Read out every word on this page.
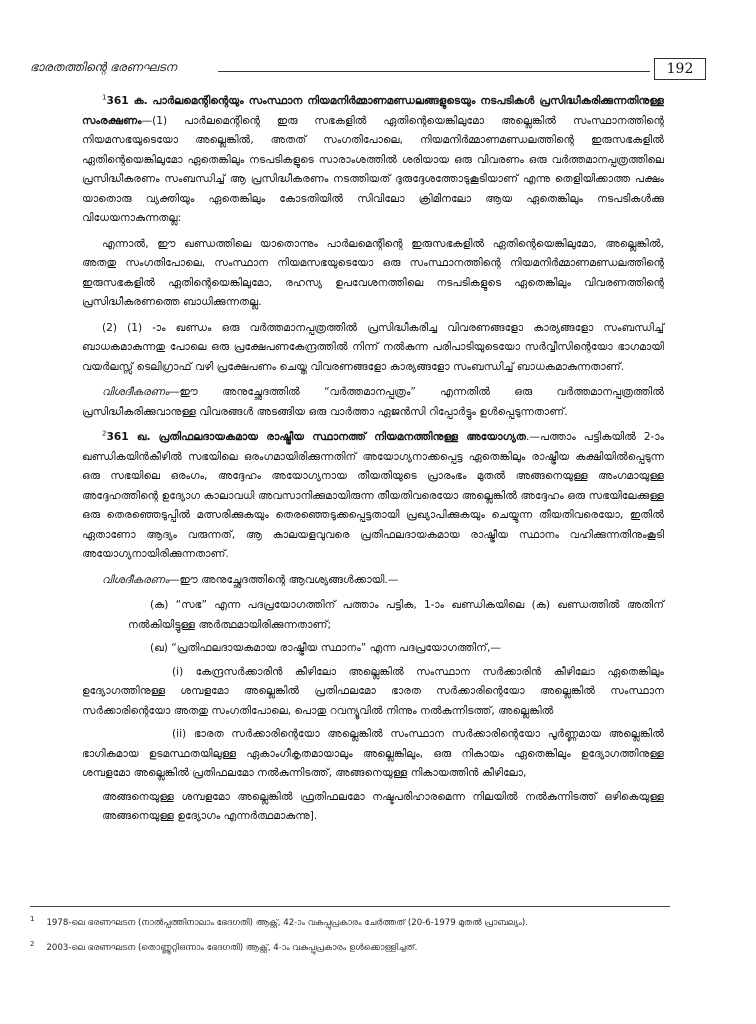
ഭാരതത്തിന്റെ ഭരണഘടന	192

$^1$361 ക. പാർലമെന്റിന്റെയും സംസ്ഥാന നിയമനിർമ്മാണമണ്ഡലങ്ങളുടെയും നടപടികൾ പ്രസിദ്ധീകരിക്കുന്നതിനുള്ള സംരക്ഷണം—(1) പാർലമെന്റിന്റെ ഇരു സഭകളിൽ ഏതിന്റെയെങ്കിലുമോ അല്ലെങ്കിൽ സംസ്ഥാനത്തിന്റെ നിയമസഭയുടെയോ അല്ലെങ്കിൽ, അതത് സംഗതിപോലെ, നിയമനിർമ്മാണമണ്ഡലത്തിന്റെ ഇരുസഭകളിൽ ഏതിന്റെയെങ്കിലുമോ ഏതെങ്കിലും നടപടികളുടെ സാരാംശത്തിൽ ശരിയായ ഒരു വിവരണം ഒരു വർത്തമാനപ്പത്രത്തിലെ പ്രസിദ്ധീകരണം സംബന്ധിച്ച് ആ പ്രസിദ്ധീകരണം നടത്തിയത് ദുരുദ്ദേശത്തോടുകൂടിയാണ് എന്നു തെളിയിക്കാത്ത പക്ഷം യാതൊരു വ്യക്തിയും ഏതെങ്കിലും കോടതിയിൽ സിവിലോ ക്രിമിനലോ ആയ ഏതെങ്കിലും നടപടികൾക്കു വിധേയനാകുന്നതല്ല:

എന്നാൽ, ഈ ഖണ്ഡത്തിലെ യാതൊന്നും പാർലമെന്റിന്റെ ഇരുസഭകളിൽ ഏതിന്റെയെങ്കിലുമോ, അല്ലെങ്കിൽ, അതതു സംഗതിപോലെ, സംസ്ഥാന നിയമസഭയുടെയോ ഒരു സംസ്ഥാനത്തിന്റെ നിയമനിർമ്മാണമണ്ഡലത്തിന്റെ ഇരുസഭകളിൽ ഏതിന്റെയെങ്കിലുമോ, രഹസ്യ ഉപവേശനത്തിലെ നടപടികളുടെ ഏതെങ്കിലും വിവരണത്തിന്റെ പ്രസിദ്ധീകരണത്തെ ബാധിക്കുന്നതല്ല.

(2) (1) -ാം ഖണ്ഡം ഒരു വർത്തമാനപ്പത്രത്തിൽ പ്രസിദ്ധീകരിച്ച വിവരണങ്ങളോ കാര്യങ്ങളോ സംബന്ധിച്ച് ബാധകമാകുന്നതു പോലെ ഒരു പ്രക്ഷേപണകേന്ദ്രത്തിൽ നിന്ന് നൽകുന്ന പരിപാടിയുടെയോ സർവ്വീസിന്റെയോ ഭാഗമായി വയർലസ്സ് ടെലിഗ്രാഫ് വഴി പ്രക്ഷേപണം ചെയ്ത വിവരണങ്ങളോ കാര്യങ്ങളോ സംബന്ധിച്ച് ബാധകമാകുന്നതാണ്.

വിശദീകരണം—ഈ അനുച്ഛേദത്തിൽ “വർത്തമാനപ്പത്രം” എന്നതിൽ ഒരു വർത്തമാനപ്പത്രത്തിൽ പ്രസിദ്ധീകരിക്കുവാനുള്ള വിവരങ്ങൾ അടങ്ങിയ ഒരു വാർത്താ ഏജൻസി റിപ്പോർട്ടും ഉൾപ്പെടുന്നതാണ്.

$^2$361 ഖ. പ്രതിഫലദായകമായ രാഷ്ട്രീയ സ്ഥാനത്ത് നിയമനത്തിനുള്ള അയോഗ്യത.—പത്താം പട്ടികയിൽ 2-ാം ഖണ്ഡികയിൻകീഴിൽ സഭയിലെ ഒരംഗമായിരിക്കുന്നതിന് അയോഗ്യനാക്കപ്പെട്ട ഏതെങ്കിലും രാഷ്ട്രീയ കക്ഷിയിൽപ്പെടുന്ന ഒരു സഭയിലെ ഒരംഗം, അദ്ദേഹം അയോഗ്യനായ തീയതിയുടെ പ്രാരംഭം മുതൽ അങ്ങനെയുള്ള അംഗമായുള്ള അദ്ദേഹത്തിന്റെ ഉദ്യോഗ കാലാവധി അവസാനിക്കുമായിരുന്ന തീയതിവരെയോ അല്ലെങ്കിൽ അദ്ദേഹം ഒരു സഭയിലേക്കുള്ള ഒരു തെരഞ്ഞെടുപ്പിൽ മത്സരിക്കുകയും തെരഞ്ഞെടുക്കപ്പെട്ടതായി പ്രഖ്യാപിക്കുകയും ചെയ്യുന്ന തീയതിവരെയോ, ഇതിൽ ഏതാണോ ആദ്യം വരുന്നത്, ആ കാലയളവുവരെ പ്രതിഫലദായകമായ രാഷ്ട്രീയ സ്ഥാനം വഹിക്കുന്നതിനുംകൂടി അയോഗ്യനായിരിക്കുന്നതാണ്.

വിശദീകരണം—ഈ അനുച്ഛേദത്തിന്റെ ആവശ്യങ്ങൾക്കായി.—

(ക) “സഭ” എന്ന പദപ്രയോഗത്തിന് പത്താം പട്ടിക, 1-ാം ഖണ്ഡികയിലെ (ക) ഖണ്ഡത്തിൽ അതിന് നൽകിയിട്ടുള്ള അർത്ഥമായിരിക്കുന്നതാണ്;

(ഖ) “പ്രതിഫലദായകമായ രാഷ്ട്രീയ സ്ഥാനം” എന്ന പദപ്രയോഗത്തിന്,—

(i) കേന്ദ്രസർക്കാരിൻ കീഴിലോ അല്ലെങ്കിൽ സംസ്ഥാന സർക്കാരിൻ കീഴിലോ ഏതെങ്കിലും ഉദ്യോഗത്തിനുള്ള ശമ്പളമോ അല്ലെങ്കിൽ പ്രതിഫലമോ ഭാരത സർക്കാരിന്റെയോ അല്ലെങ്കിൽ സംസ്ഥാന സർക്കാരിന്റെയോ അതതു സംഗതിപോലെ, പൊതു റവന്യൂവിൽ നിന്നും നൽകുന്നിടത്ത്, അല്ലെങ്കിൽ

(ii) ഭാരത സർക്കാരിന്റെയോ അല്ലെങ്കിൽ സംസ്ഥാന സർക്കാരിന്റെയോ പൂർണ്ണമായ അല്ലെങ്കിൽ ഭാഗികമായ ഉടമസ്ഥതയിലുള്ള ഏകാംഗീകൃതമായാലും അല്ലെങ്കിലും, ഒരു നികായം ഏതെങ്കിലും ഉദ്യോഗത്തിനുള്ള ശമ്പളമോ അല്ലെങ്കിൽ പ്രതിഫലമോ നൽകുന്നിടത്ത്, അങ്ങനെയുള്ള നികായത്തിൻ കീഴിലോ,

അങ്ങനെയുള്ള ശമ്പളമോ അല്ലെങ്കിൽ ഫ്രതിഫലമോ നഷ്ടപരിഹാരമെന്ന നിലയിൽ നൽകുന്നിടത്ത് ഒഴികെയുള്ള അങ്ങനെയുള്ള ഉദ്യോഗം എന്നർത്ഥമാകുന്നു].

$^1$ 1978-ലെ ഭരണഘടന (നാൽപ്പത്തിനാലാം ഭേദഗതി) ആക്റ്റ്, 42-ാം വകുപ്പുപ്രകാരം ചേർത്തത് (20-6-1979 മുതൽ പ്രാബല്യം).

$^2$ 2003-ലെ ഭരണഘടന (തൊണ്ണൂറ്റിഒന്നാം ഭേദഗതി) ആക്റ്റ്, 4-ാം വകുപ്പുപ്രകാരം ഉൾക്കൊള്ളിച്ചത്.
